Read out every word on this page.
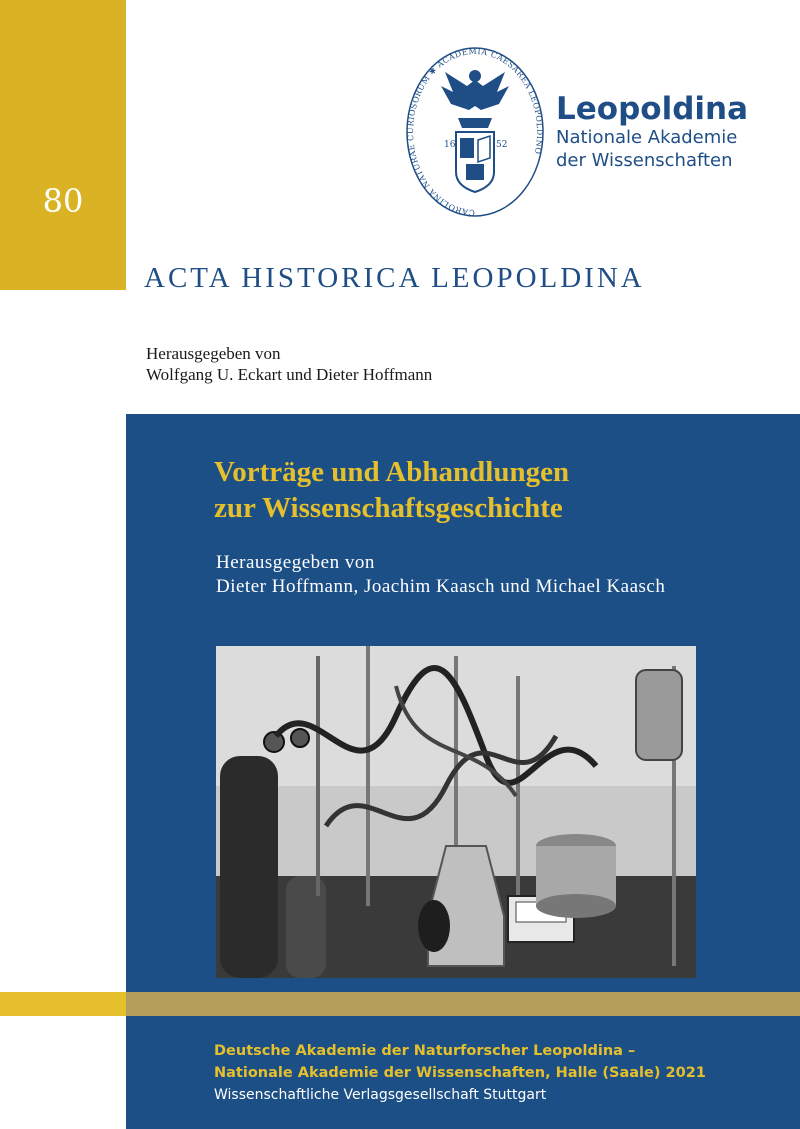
80	CAROLINA NATURAE CURIOSORUM ✱ ACADEMIA CAESAREA LEOPOLDINO
16	52
Leopoldina
Nationale Akademie
der Wissenschaften
ACTA HISTORICA LEOPOLDINA
Herausgegeben von
Wolfgang U. Eckart und Dieter Hoffmann
Vorträge und Abhandlungen
zur Wissenschaftsgeschichte
Herausgegeben von
Dieter Hoffmann, Joachim Kaasch und Michael Kaasch
Deutsche Akademie der Naturforscher Leopoldina –
Nationale Akademie der Wissenschaften, Halle (Saale) 2021
Wissenschaftliche Verlagsgesellschaft Stuttgart
